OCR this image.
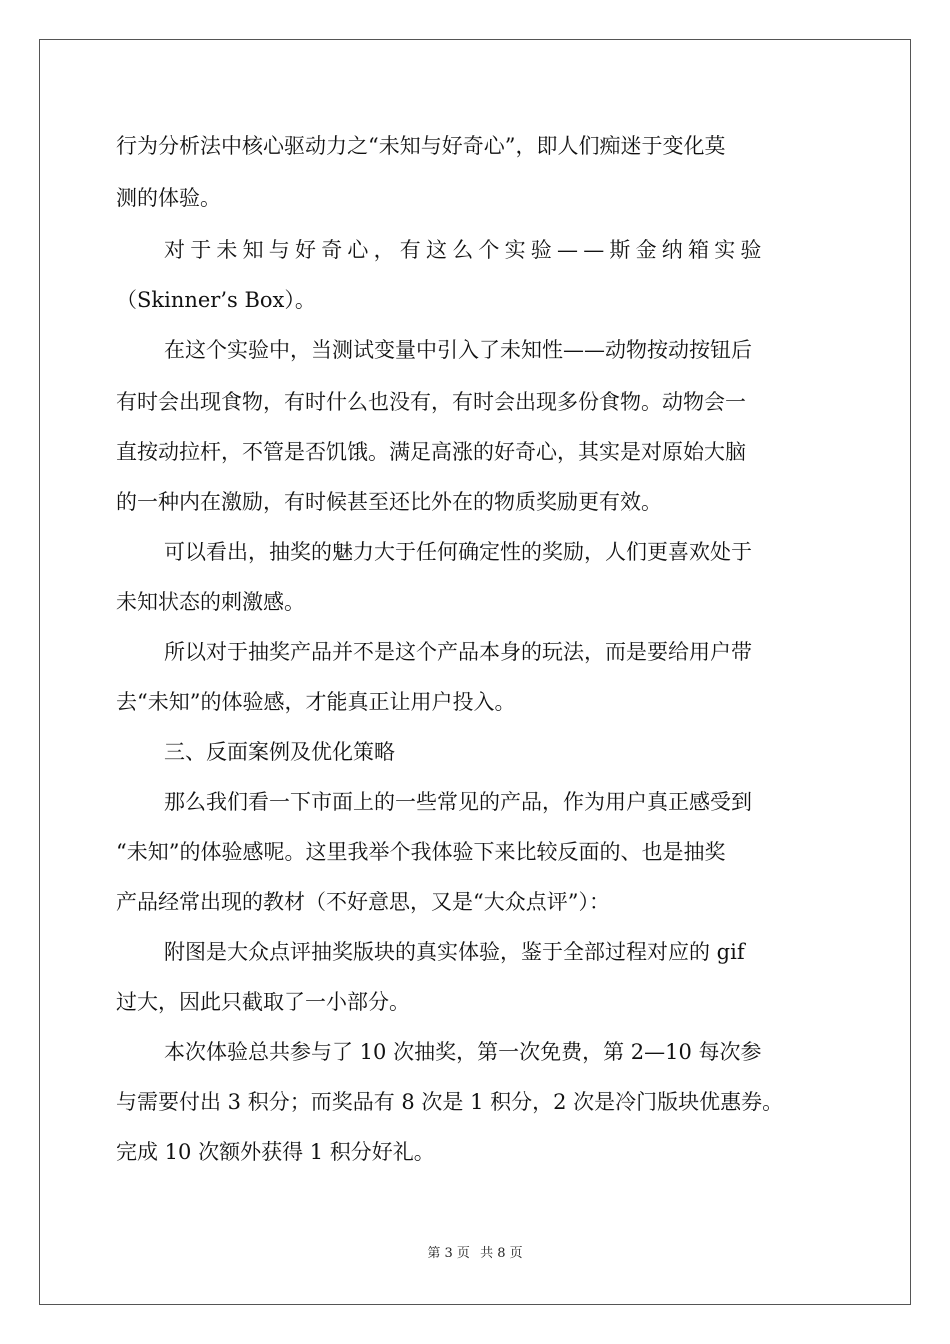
行为分析法中核心驱动力之“未知与好奇心”，即人们痴迷于变化莫
测的体验。
对于未知与好奇心，有这么个实验——斯金纳箱实验
（Skinner’s Box）。
在这个实验中，当测试变量中引入了未知性——动物按动按钮后
有时会出现食物，有时什么也没有，有时会出现多份食物。动物会一
直按动拉杆，不管是否饥饿。满足高涨的好奇心，其实是对原始大脑
的一种内在激励，有时候甚至还比外在的物质奖励更有效。
可以看出，抽奖的魅力大于任何确定性的奖励，人们更喜欢处于
未知状态的刺激感。
所以对于抽奖产品并不是这个产品本身的玩法，而是要给用户带
去“未知”的体验感，才能真正让用户投入。
三、反面案例及优化策略
那么我们看一下市面上的一些常见的产品，作为用户真正感受到
“未知”的体验感呢。这里我举个我体验下来比较反面的、也是抽奖
产品经常出现的教材（不好意思，又是“大众点评”）：
附图是大众点评抽奖版块的真实体验，鉴于全部过程对应的 gif
过大，因此只截取了一小部分。
本次体验总共参与了 10 次抽奖，第一次免费，第 2—10 每次参
与需要付出 3 积分；而奖品有 8 次是 1 积分，2 次是冷门版块优惠券。
完成 10 次额外获得 1 积分好礼。
第 3 页 共 8 页
